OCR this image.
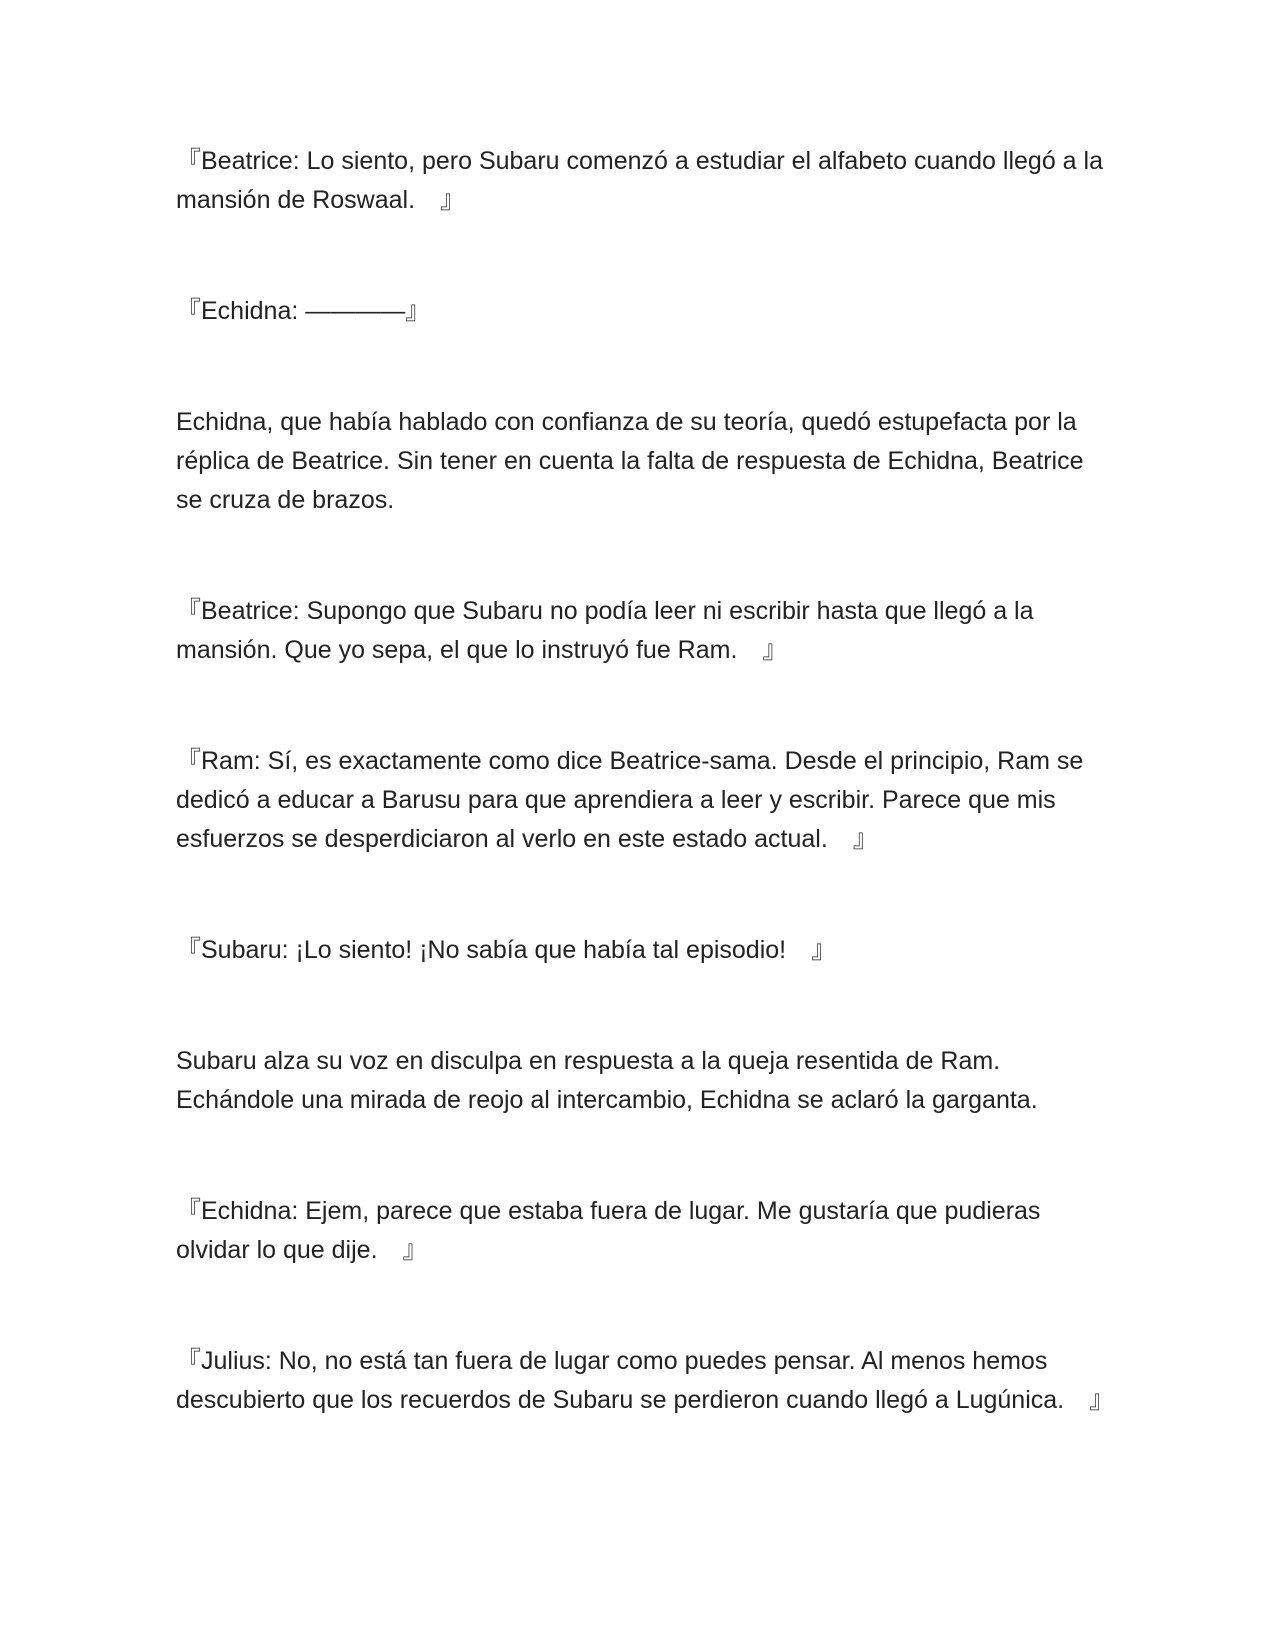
『Beatrice: Lo siento, pero Subaru comenzó a estudiar el alfabeto cuando llegó a la mansión de Roswaal.　』

『Echidna: ――――』

Echidna, que había hablado con confianza de su teoría, quedó estupefacta por la réplica de Beatrice. Sin tener en cuenta la falta de respuesta de Echidna, Beatrice se cruza de brazos.

『Beatrice: Supongo que Subaru no podía leer ni escribir hasta que llegó a la mansión. Que yo sepa, el que lo instruyó fue Ram.　』

『Ram: Sí, es exactamente como dice Beatrice-sama. Desde el principio, Ram se dedicó a educar a Barusu para que aprendiera a leer y escribir. Parece que mis esfuerzos se desperdiciaron al verlo en este estado actual.　』

『Subaru: ¡Lo siento! ¡No sabía que había tal episodio!　』

Subaru alza su voz en disculpa en respuesta a la queja resentida de Ram. Echándole una mirada de reojo al intercambio, Echidna se aclaró la garganta.

『Echidna: Ejem, parece que estaba fuera de lugar. Me gustaría que pudieras olvidar lo que dije.　』

『Julius: No, no está tan fuera de lugar como puedes pensar. Al menos hemos descubierto que los recuerdos de Subaru se perdieron cuando llegó a Lugúnica.　』
